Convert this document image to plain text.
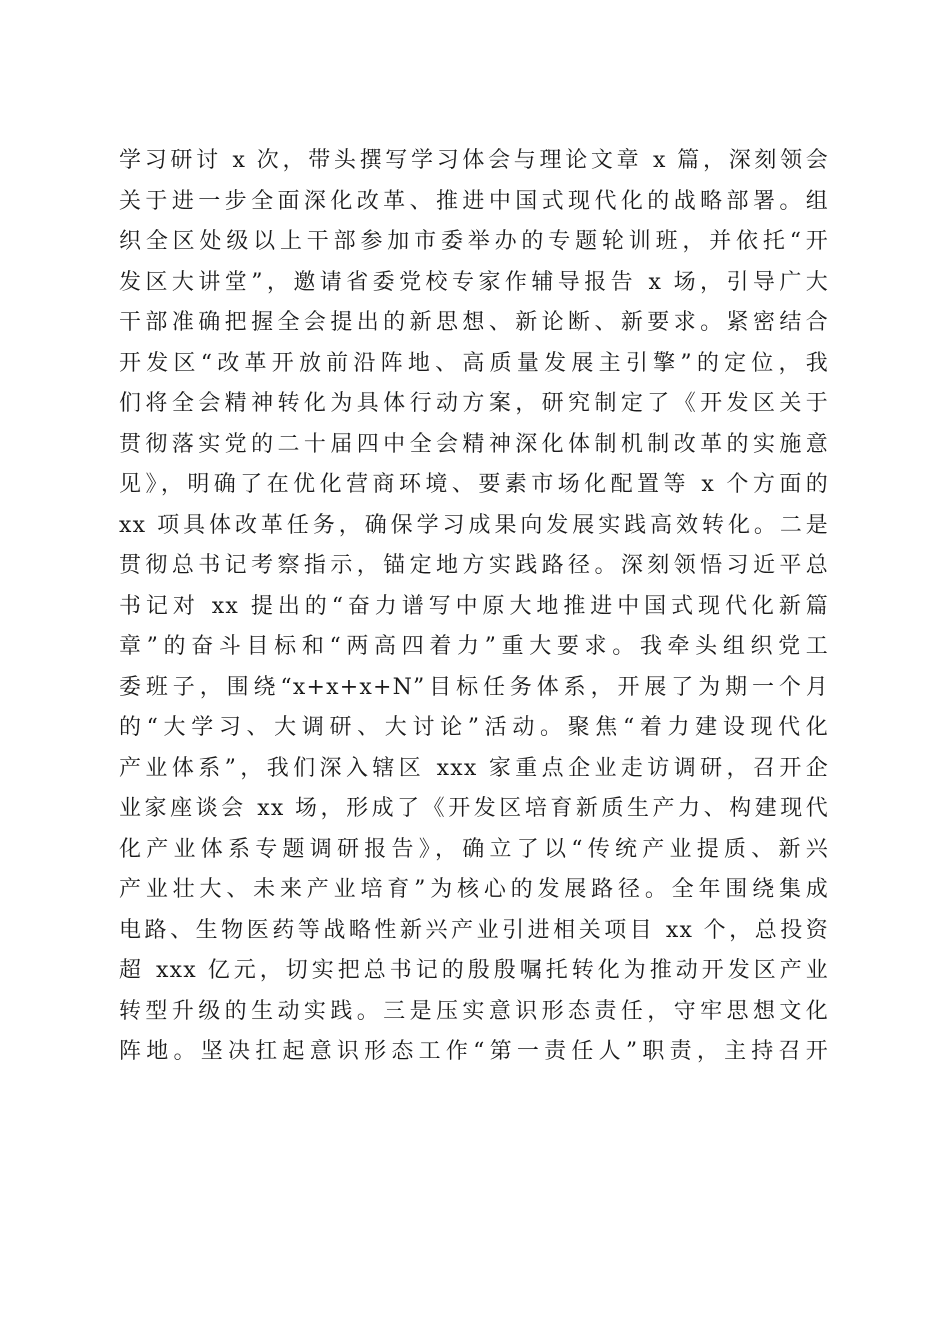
学习研讨 x 次，带头撰写学习体会与理论文章 x 篇，深刻领会
关于进一步全面深化改革、推进中国式现代化的战略部署。组
织全区处级以上干部参加市委举办的专题轮训班，并依托“开
发区大讲堂”，邀请省委党校专家作辅导报告 x 场，引导广大
干部准确把握全会提出的新思想、新论断、新要求。紧密结合
开发区“改革开放前沿阵地、高质量发展主引擎”的定位，我
们将全会精神转化为具体行动方案，研究制定了《开发区关于
贯彻落实党的二十届四中全会精神深化体制机制改革的实施意
见》，明确了在优化营商环境、要素市场化配置等 x 个方面的
xx 项具体改革任务，确保学习成果向发展实践高效转化。二是
贯彻总书记考察指示，锚定地方实践路径。深刻领悟习近平总
书记对 xx 提出的“奋力谱写中原大地推进中国式现代化新篇
章”的奋斗目标和“两高四着力”重大要求。我牵头组织党工
委班子，围绕“x+x+x+N”目标任务体系，开展了为期一个月
的“大学习、大调研、大讨论”活动。聚焦“着力建设现代化
产业体系”，我们深入辖区 xxx 家重点企业走访调研，召开企
业家座谈会 xx 场，形成了《开发区培育新质生产力、构建现代
化产业体系专题调研报告》，确立了以“传统产业提质、新兴
产业壮大、未来产业培育”为核心的发展路径。全年围绕集成
电路、生物医药等战略性新兴产业引进相关项目 xx 个，总投资
超 xxx 亿元，切实把总书记的殷殷嘱托转化为推动开发区产业
转型升级的生动实践。三是压实意识形态责任，守牢思想文化
阵地。坚决扛起意识形态工作“第一责任人”职责，主持召开
